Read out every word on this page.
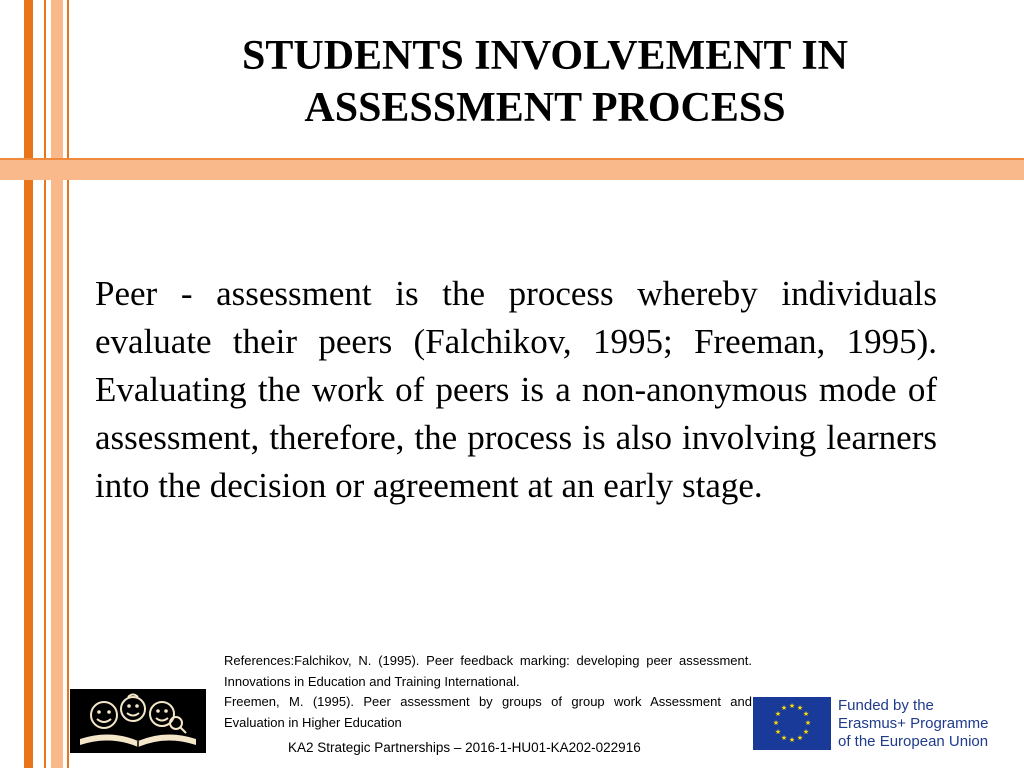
STUDENTS INVOLVEMENT IN ASSESSMENT PROCESS
Peer - assessment is the process whereby individuals evaluate their peers (Falchikov, 1995; Freeman, 1995). Evaluating the work of peers is a non-anonymous mode of assessment, therefore, the process is also involving learners into the decision or agreement at an early stage.

References:Falchikov, N. (1995). Peer feedback marking: developing peer assessment. Innovations in Education and Training International.

Freemen, M. (1995). Peer assessment by groups of group work Assessment and Evaluation in Higher Education

KA2 Strategic Partnerships – 2016-1-HU01-KA202-022916
★ ★
★
★
★
★
★
★
★
★
★
★	Funded by the
Erasmus+ Programme
of the European Union
